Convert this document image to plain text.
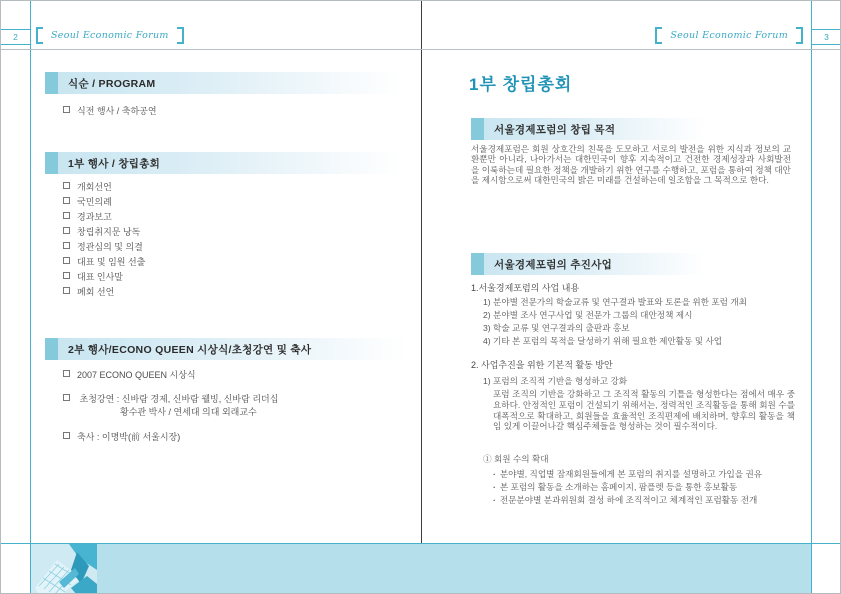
2	Seoul Economic Forum	Seoul Economic Forum	3
식순 / PROGRAM
식전 행사 / 축하공연
1부 행사 / 창립총회
개회선언
국민의례
경과보고
창립취지문 낭독
정관심의 및 의결
대표 및 임원 선출
대표 인사말
폐회 선언
2부 행사/ECONO QUEEN 시상식/초청강연 및 축사
2007 ECONO QUEEN 시상식
초청강연 : 신바람 경제, 신바람 웰빙, 신바람 리더십
황수관 박사 / 연세대 의대 외래교수
축사 : 이명박(前 서울시장)
1부 창립총회
서울경제포럼의 창립 목적
서울경제포럼은 회원 상호간의 친목을 도모하고 서로의 발전을 위한 지식과 정보의 교환뿐만 아니라, 나아가서는 대한민국이 향후 지속적이고 건전한 경제성장과 사회발전을 이룩하는데 필요한 정책을 개발하기 위한 연구를 수행하고, 포럼을 통하여 정책 대안을 제시함으로써 대한민국의 밝은 미래를 건설하는데 일조함을 그 목적으로 한다.
서울경제포럼의 추진사업
1.서울경제포럼의 사업 내용
1) 분야별 전문가의 학술교류 및 연구결과 발표와 토론을 위한 포럼 개최
2) 분야별 조사 연구사업 및 전문가 그룹의 대안정책 제시
3) 학술 교류 및 연구결과의 출판과 홍보
4) 기타 본 포럼의 목적을 달성하기 위해 필요한 제안활동 및 사업
2. 사업추진을 위한 기본적 활동 방안
1) 포럼의 조직적 기반을 형성하고 강화
포럼 조직의 기반을 강화하고 그 조직적 활동의 기틀을 형성한다는 점에서 매우 중요하다. 안정적인 포럼이 건설되기 위해서는, 정력적인 조직활동을 통해 회원 수를 대폭적으로 확대하고, 회원들을 효율적인 조직편제에 배치하며, 향후의 활동을 책임 있게 이끌어나갈 핵심주체들을 형성하는 것이 필수적이다.
① 회원 수의 확대
· 분야별, 직업별 잠재회원들에게 본 포럼의 취지를 설명하고 가입을 권유
· 본 포럼의 활동을 소개하는 홈페이지, 팜플렛 등을 통한 홍보활동
· 전문분야별 분과위원회 결성 하에 조직적이고 체계적인 포럼활동 전개
